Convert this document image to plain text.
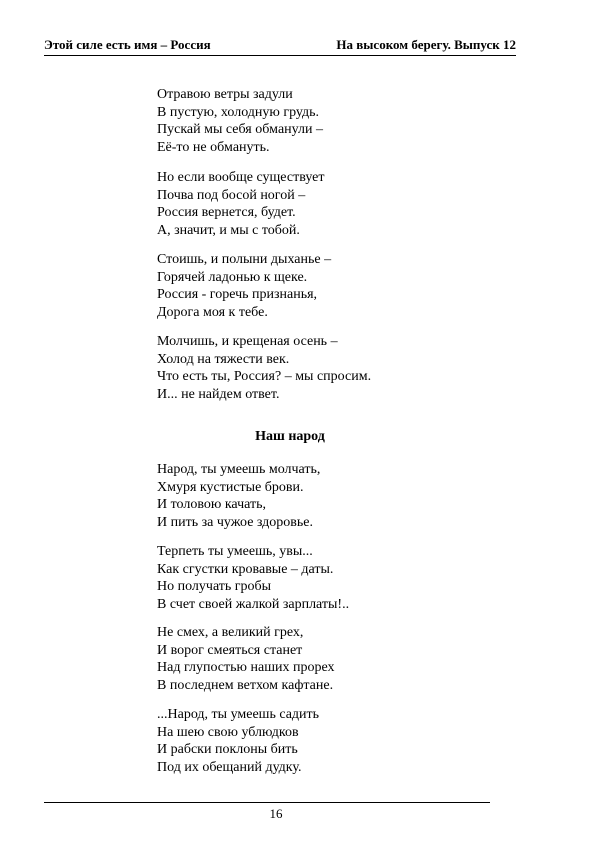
Этой силе есть имя – Россия	На высоком берегу. Выпуск 12
Отравою ветры задули
В пустую, холодную грудь.
Пускай мы себя обманули –
Её-то не обмануть.
Но если вообще существует
Почва под босой ногой –
Россия вернется, будет.
А, значит, и мы с тобой.
Стоишь, и полыни дыханье –
Горячей ладонью к щеке.
Россия - горечь признанья,
Дорога моя к тебе.
Молчишь, и крещеная осень –
Холод на тяжести век.
Что есть ты, Россия? – мы спросим.
И... не найдем ответ.
Наш народ
Народ, ты умеешь молчать,
Хмуря кустистые брови.
И толовою качать,
И пить за чужое здоровье.
Терпеть ты умеешь, увы...
Как сгустки кровавые – даты.
Но получать гробы
В счет своей жалкой зарплаты!..
Не смех, а великий грех,
И ворог смеяться станет
Над глупостью наших прорех
В последнем ветхом кафтане.
...Народ, ты умеешь садить
На шею свою ублюдков
И рабски поклоны бить
Под их обещаний дудку.
16
